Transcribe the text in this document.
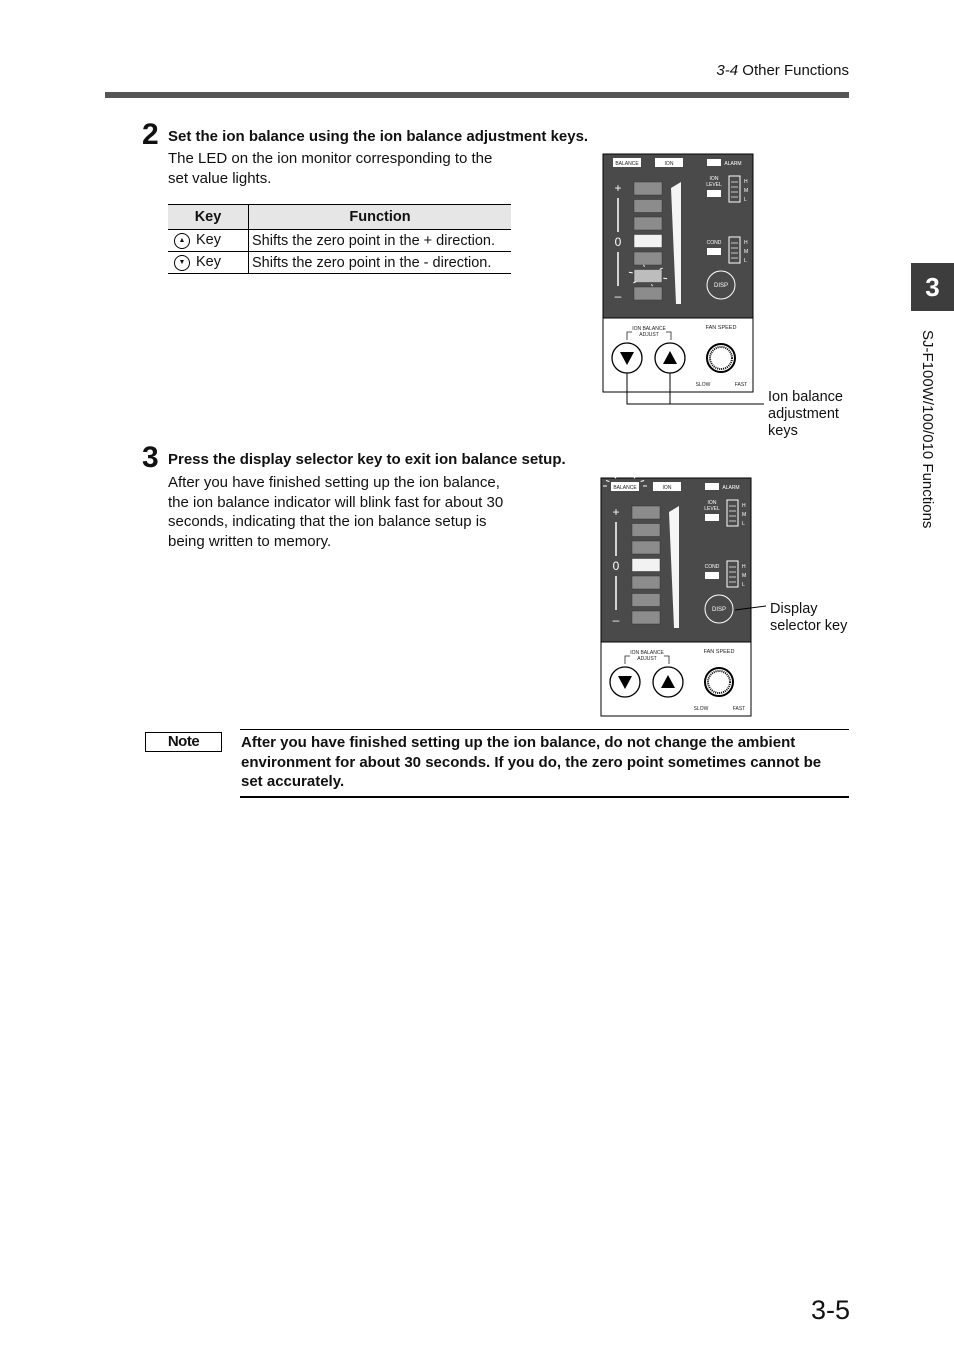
3-4 Other Functions
3
SJ-F100W/100/010 Functions
2 Set the ion balance using the ion balance adjustment keys.
The LED on the ion monitor corresponding to the
set value lights.
Key	Function
▲ Key	Shifts the zero point in the + direction.
▼ Key	Shifts the zero point in the - direction.
3 Press the display selector key to exit ion balance setup.
After you have finished setting up the ion balance,
the ion balance indicator will blink fast for about 30
seconds, indicating that the ion balance setup is
being written to memory.
BALANCE	ION	ALARM
+
0
–
ION
LEVEL
COND
H
M
L
H
M
L
DISP
ION BALANCE
ADJUST
FAN SPEED
SLOW	FAST
BALANCE	ION	ALARM
+
0
–
ION
LEVEL
COND
H
M
L
H
M
L
DISP
ION BALANCE
ADJUST
FAN SPEED
SLOW	FAST
Ion balance
adjustment
keys
Display
selector key
Note	After you have finished setting up the ion balance, do not change the ambient
environment for about 30 seconds. If you do, the zero point sometimes cannot be
set accurately.
3-5
